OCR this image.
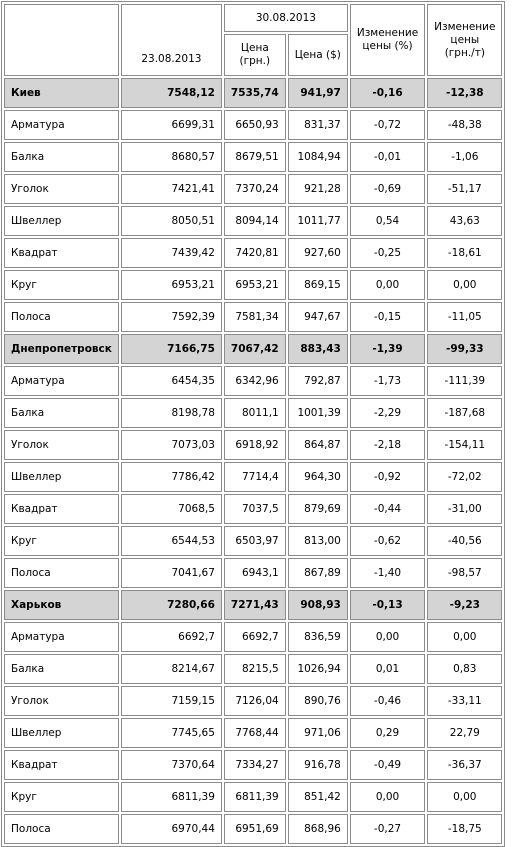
	23.08.2013	30.08.2013		Изменение цены (%)	Изменение цены (грн./т)
		Цена (грн.)	Цена ($)		
Киев	7548,12	7535,74	941,97	-0,16	-12,38
Арматура	6699,31	6650,93	831,37	-0,72	-48,38
Балка	8680,57	8679,51	1084,94	-0,01	-1,06
Уголок	7421,41	7370,24	921,28	-0,69	-51,17
Швеллер	8050,51	8094,14	1011,77	0,54	43,63
Квадрат	7439,42	7420,81	927,60	-0,25	-18,61
Круг	6953,21	6953,21	869,15	0,00	0,00
Полоса	7592,39	7581,34	947,67	-0,15	-11,05
Днепропетровск	7166,75	7067,42	883,43	-1,39	-99,33
Арматура	6454,35	6342,96	792,87	-1,73	-111,39
Балка	8198,78	8011,1	1001,39	-2,29	-187,68
Уголок	7073,03	6918,92	864,87	-2,18	-154,11
Швеллер	7786,42	7714,4	964,30	-0,92	-72,02
Квадрат	7068,5	7037,5	879,69	-0,44	-31,00
Круг	6544,53	6503,97	813,00	-0,62	-40,56
Полоса	7041,67	6943,1	867,89	-1,40	-98,57
Харьков	7280,66	7271,43	908,93	-0,13	-9,23
Арматура	6692,7	6692,7	836,59	0,00	0,00
Балка	8214,67	8215,5	1026,94	0,01	0,83
Уголок	7159,15	7126,04	890,76	-0,46	-33,11
Швеллер	7745,65	7768,44	971,06	0,29	22,79
Квадрат	7370,64	7334,27	916,78	-0,49	-36,37
Круг	6811,39	6811,39	851,42	0,00	0,00
Полоса	6970,44	6951,69	868,96	-0,27	-18,75
